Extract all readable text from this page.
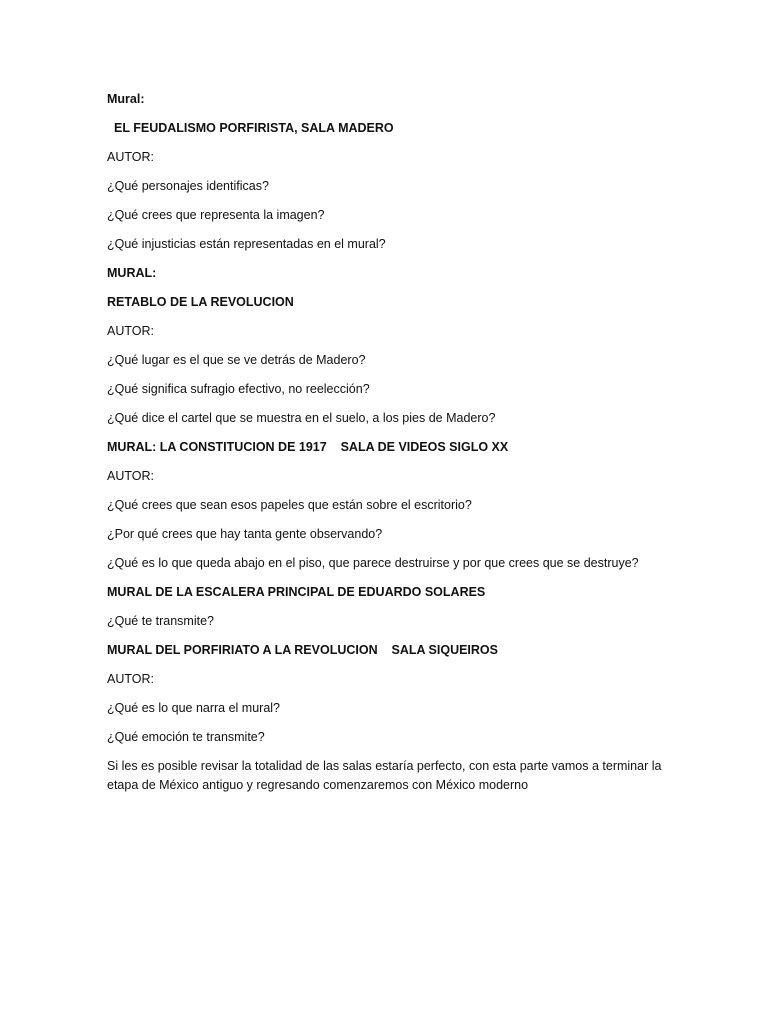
Mural:
EL FEUDALISMO PORFIRISTA, SALA MADERO
AUTOR:
¿Qué personajes identificas?
¿Qué crees que representa la imagen?
¿Qué injusticias están representadas en el mural?
MURAL:
RETABLO DE LA REVOLUCION
AUTOR:
¿Qué lugar es el que se ve detrás de Madero?
¿Qué significa sufragio efectivo, no reelección?
¿Qué dice el cartel que se muestra en el suelo, a los pies de Madero?
MURAL: LA CONSTITUCION DE 1917    SALA DE VIDEOS SIGLO XX
AUTOR:
¿Qué crees que sean esos papeles que están sobre el escritorio?
¿Por qué crees que hay tanta gente observando?
¿Qué es lo que queda abajo en el piso, que parece destruirse y por que crees que se destruye?
MURAL DE LA ESCALERA PRINCIPAL DE EDUARDO SOLARES
¿Qué te transmite?
MURAL DEL PORFIRIATO A LA REVOLUCION    SALA SIQUEIROS
AUTOR:
¿Qué es lo que narra el mural?
¿Qué emoción te transmite?

Si les es posible revisar la totalidad de las salas estaría perfecto, con esta parte vamos a terminar la etapa de México antiguo y regresando comenzaremos con México moderno
